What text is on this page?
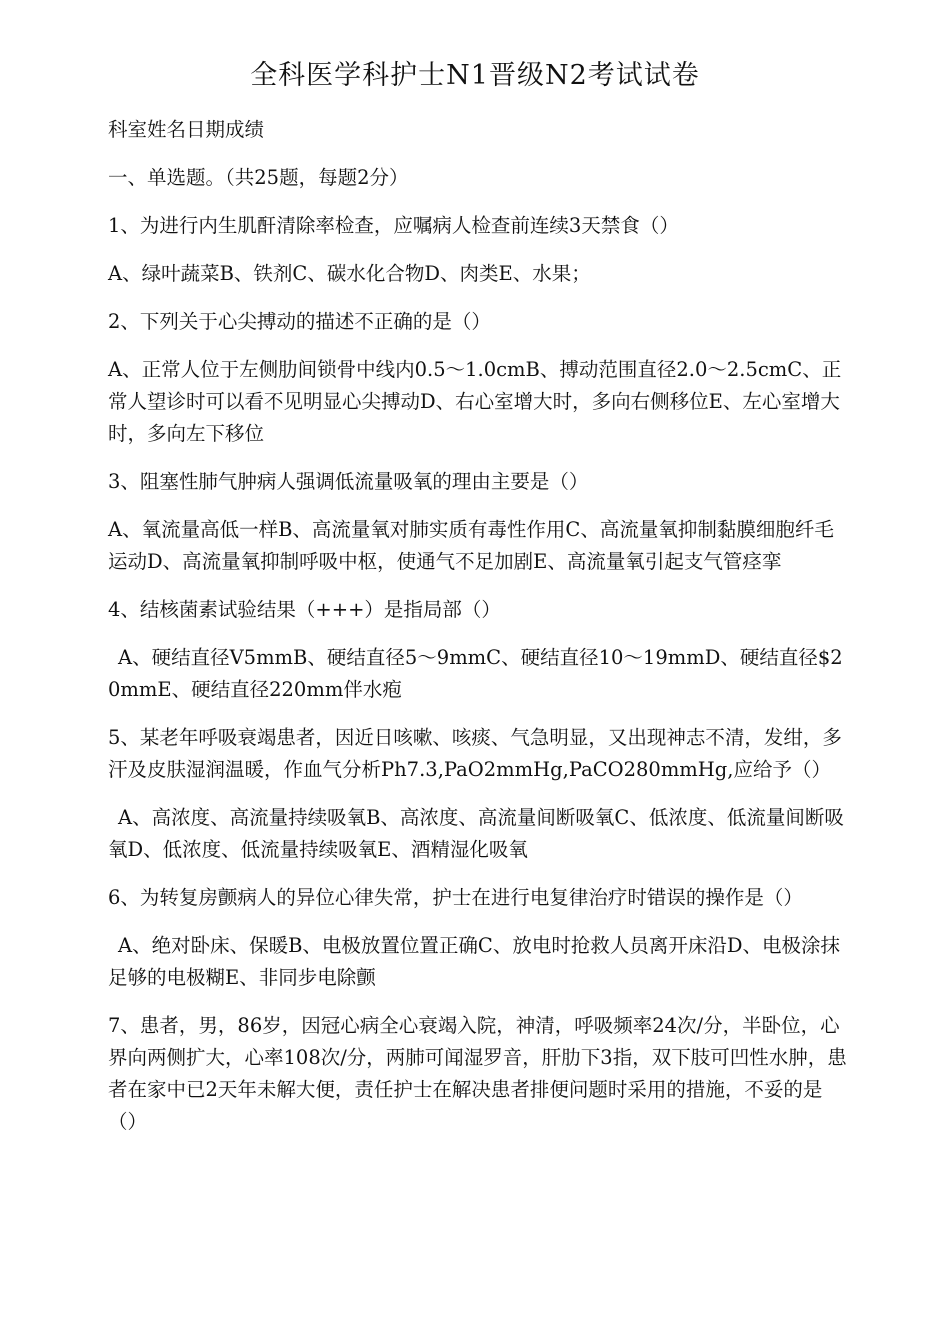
全科医学科护士N1晋级N2考试试卷

科室姓名日期成绩

一、单选题。（共25题，每题2分）

1、为进行内生肌酐清除率检查，应嘱病人检查前连续3天禁食（）

A、绿叶蔬菜B、铁剂C、碳水化合物D、肉类E、水果；

2、下列关于心尖搏动的描述不正确的是（）

A、正常人位于左侧肋间锁骨中线内0.5〜1.0cmB、搏动范围直径2.0〜2.5cmC、正常人望诊时可以看不见明显心尖搏动D、右心室增大时，多向右侧移位E、左心室增大时，多向左下移位

3、阻塞性肺气肿病人强调低流量吸氧的理由主要是（）

A、氧流量高低一样B、高流量氧对肺实质有毒性作用C、高流量氧抑制黏膜细胞纤毛运动D、高流量氧抑制呼吸中枢，使通气不足加剧E、高流量氧引起支气管痉挛

4、结核菌素试验结果（+++）是指局部（）

A、硬结直径V5mmB、硬结直径5〜9mmC、硬结直径10〜19mmD、硬结直径$20mmE、硬结直径220mm伴水疱

5、某老年呼吸衰竭患者，因近日咳嗽、咳痰、气急明显，又出现神志不清，发绀，多汗及皮肤湿润温暖，作血气分析Ph7.3,PaO2mmHg,PaCO280mmHg,应给予（）

A、高浓度、高流量持续吸氧B、高浓度、高流量间断吸氧C、低浓度、低流量间断吸氧D、低浓度、低流量持续吸氧E、酒精湿化吸氧

6、为转复房颤病人的异位心律失常，护士在进行电复律治疗时错误的操作是（）

A、绝对卧床、保暖B、电极放置位置正确C、放电时抢救人员离开床沿D、电极涂抹足够的电极糊E、非同步电除颤

7、患者，男，86岁，因冠心病全心衰竭入院，神清，呼吸频率24次/分，半卧位，心界向两侧扩大，心率108次/分，两肺可闻湿罗音，肝肋下3指，双下肢可凹性水肿，患者在家中已2天年未解大便，责任护士在解决患者排便问题时采用的措施，不妥的是（）
